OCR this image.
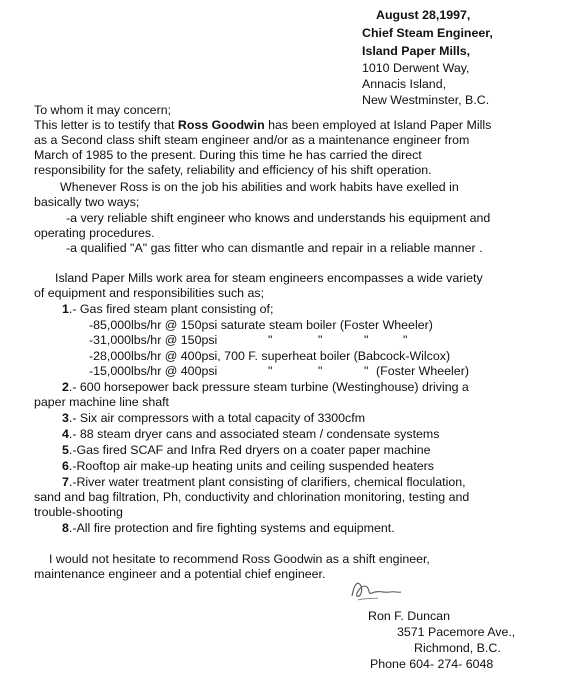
August 28,1997,
Chief Steam Engineer,
Island Paper Mills,
1010 Derwent Way,
Annacis Island,
New Westminster, B.C.
To whom it may concern;
This letter is to testify that Ross Goodwin has been employed at Island Paper Mills
as a Second class shift steam engineer and/or as a maintenance engineer from
March of 1985 to the present. During this time he has carried the direct
responsibility for the safety, reliability and efficiency of his shift operation.
Whenever Ross is on the job his abilities and work habits have exelled in
basically two ways;
-a very reliable shift engineer who knows and understands his equipment and
operating procedures.
-a qualified "A" gas fitter who can dismantle and repair in a reliable manner .
Island Paper Mills work area for steam engineers encompasses a wide variety
of equipment and responsibilities such as;
1.- Gas fired steam plant consisting of;
-85,000lbs/hr @ 150psi saturate steam boiler (Foster Wheeler)
-31,000lbs/hr @ 150psi	"	"	"	"
-28,000lbs/hr @ 400psi, 700 F. superheat boiler (Babcock-Wilcox)
-15,000lbs/hr @ 400psi	"	"	" (Foster Wheeler)
2.- 600 horsepower back pressure steam turbine (Westinghouse) driving a
paper machine line shaft
3.- Six air compressors with a total capacity of 3300cfm
4.- 88 steam dryer cans and associated steam / condensate systems
5.-Gas fired SCAF and Infra Red dryers on a coater paper machine
6.-Rooftop air make-up heating units and ceiling suspended heaters
7.-River water treatment plant consisting of clarifiers, chemical floculation,
sand and bag filtration, Ph, conductivity and chlorination monitoring, testing and
trouble-shooting
8.-All fire protection and fire fighting systems and equipment.
I would not hesitate to recommend Ross Goodwin as a shift engineer,
maintenance engineer and a potential chief engineer.
Ron F. Duncan
3571 Pacemore Ave.,
Richmond, B.C.
Phone 604- 274- 6048
